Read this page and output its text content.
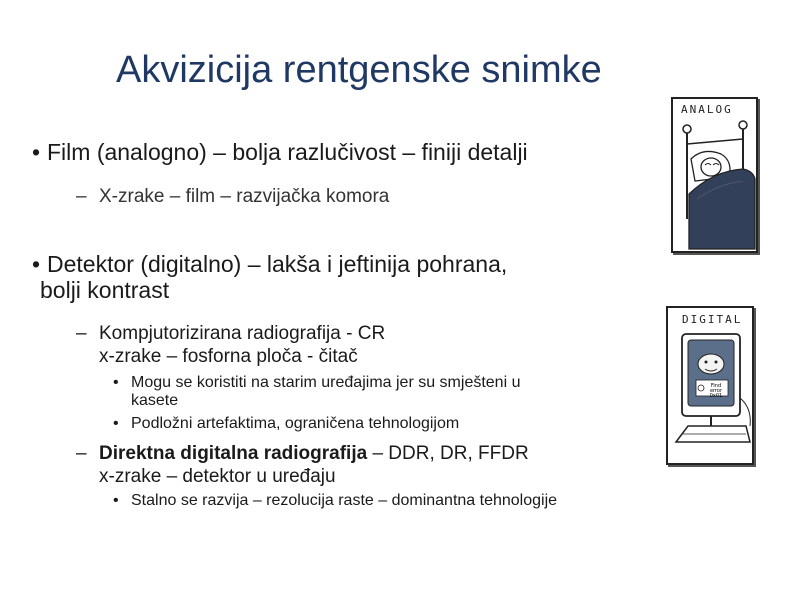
Akvizicija rentgenske snimke
• Film (analogno) – bolja razlučivost – finiji detalji
– X-zrake – film – razvijačka komora
• Detektor (digitalno) – lakša i jeftinija pohrana,
bolji kontrast
– Kompjutorizirana radiografija - CR
x-zrake – fosforna ploča - čitač
• Mogu se koristiti na starim uređajima jer su smješteni u
kasete
• Podložni artefaktima, ograničena tehnologijom
– Direktna digitalna radiografija – DDR, DR, FFDR
x-zrake – detektor u uređaju
• Stalno se razvija – rezolucija raste – dominantna tehnologije
ANALOG
DIGITAL
Find error 0x01
